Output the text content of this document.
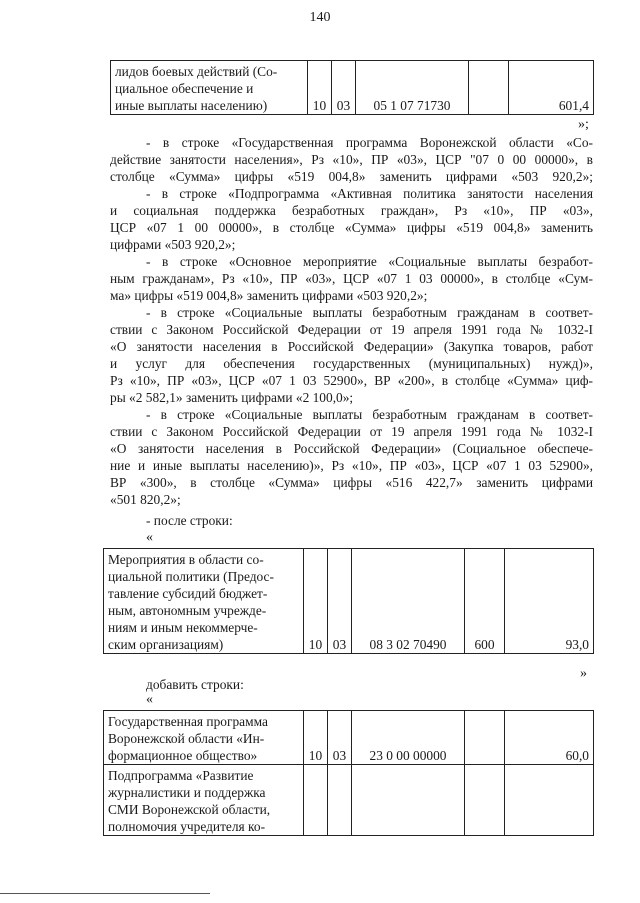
140
лидов боевых действий (Со-
циальное обеспечение и
иные выплаты населению)	10	03	05 1 07 71730		601,4
»;
- в строке «Государственная программа Воронежской области «Со-
действие занятости населения», Рз «10», ПР «03», ЦСР "07 0 00 00000», в
столбце «Сумма» цифры «519 004,8» заменить цифрами «503 920,2»;
- в строке «Подпрограмма «Активная политика занятости населения
и социальная поддержка безработных граждан», Рз «10», ПР «03»,
ЦСР «07 1 00 00000», в столбце «Сумма» цифры «519 004,8» заменить
цифрами «503 920,2»;
- в строке «Основное мероприятие «Социальные выплаты безработ-
ным гражданам», Рз «10», ПР «03», ЦСР «07 1 03 00000», в столбце «Сум-
ма» цифры «519 004,8» заменить цифрами «503 920,2»;
- в строке «Социальные выплаты безработным гражданам в соответ-
ствии с Законом Российской Федерации от 19 апреля 1991 года № 1032-I
«О занятости населения в Российской Федерации» (Закупка товаров, работ
и услуг для обеспечения государственных (муниципальных) нужд)»,
Рз «10», ПР «03», ЦСР «07 1 03 52900», ВР «200», в столбце «Сумма» циф-
ры «2 582,1» заменить цифрами «2 100,0»;
- в строке «Социальные выплаты безработным гражданам в соответ-
ствии с Законом Российской Федерации от 19 апреля 1991 года № 1032-I
«О занятости населения в Российской Федерации» (Социальное обеспече-
ние и иные выплаты населению)», Рз «10», ПР «03», ЦСР «07 1 03 52900»,
ВР «300», в столбце «Сумма» цифры «516 422,7» заменить цифрами
«501 820,2»;
- после строки:
«
Мероприятия в области со-
циальной политики (Предос-
тавление субсидий бюджет-
ным, автономным учрежде-
ниям и иным некоммерче-
ским организациям)	10	03	08 3 02 70490	600	93,0
»
добавить строки:
«
Государственная программа
Воронежской области «Ин-
формационное общество»	10	03	23 0 00 00000		60,0

Подпрограмма «Развитие
журналистики и поддержка
СМИ Воронежской области,
полномочия учредителя ко-					
